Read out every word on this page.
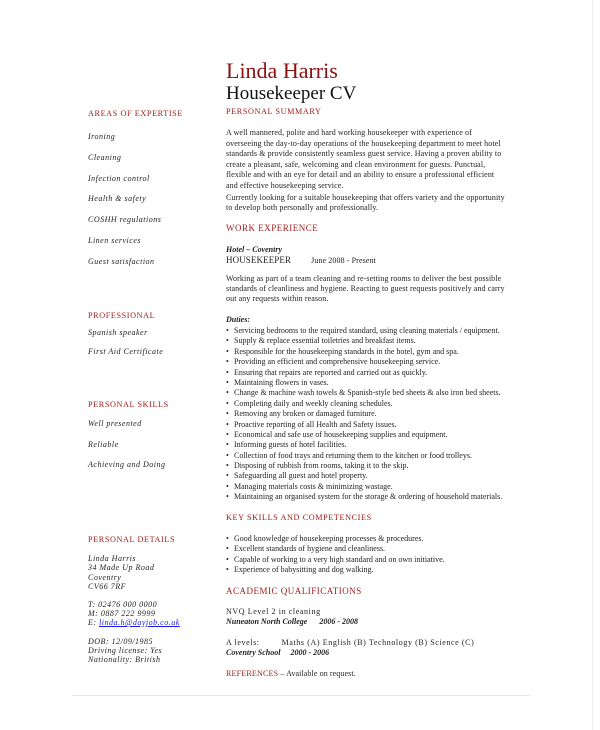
Linda Harris
Housekeeper CV
AREAS OF EXPERTISE
Ironing
Cleaning
Infection control
Health & safety
COSHH regulations
Linen services
Guest satisfaction
PROFESSIONAL
Spanish speaker
First Aid Certificate
PERSONAL SKILLS
Well presented
Reliable
Achieving and Doing
PERSONAL DETAILS
Linda Harris
34 Made Up Road
Coventry
CV66 7RF
T: 02476 000 0000
M: 0887 222 9999
E: linda.h@dayjob.co.uk
DOB: 12/09/1985
Driving license: Yes
Nationality: British
PERSONAL SUMMARY
A well mannered, polite and hard working housekeeper with experience of
overseeing the day-to-day operations of the housekeeping department to meet hotel
standards & provide consistently seamless guest service. Having a proven ability to
create a pleasant, safe, welcoming and clean environment for guests. Punctual,
flexible and with an eye for detail and an ability to ensure a professional efficient
and effective housekeeping service.
Currently looking for a suitable housekeeping that offers variety and the opportunity
to develop both personally and professionally.
WORK EXPERIENCE
Hotel – Coventry
HOUSEKEEPER	June 2008 - Present
Working as part of a team cleaning and re-setting rooms to deliver the best possible
standards of cleanliness and hygiene. Reacting to guest requests positively and carry
out any requests within reason.
Duties:
• Servicing bedrooms to the required standard, using cleaning materials / equipment.
• Supply & replace essential toiletries and breakfast items.
• Responsible for the housekeeping standards in the hotel, gym and spa.
• Providing an efficient and comprehensive housekeeping service.
• Ensuring that repairs are reported and carried out as quickly.
• Maintaining flowers in vases.
• Change & machine wash towels & Spanish-style bed sheets & also iron bed sheets.
• Completing daily and weekly cleaning schedules.
• Removing any broken or damaged furniture.
• Proactive reporting of all Health and Safety issues.
• Economical and safe use of housekeeping supplies and equipment.
• Informing guests of hotel facilities.
• Collection of food trays and returning them to the kitchen or food trolleys.
• Disposing of rubbish from rooms, taking it to the skip.
• Safeguarding all guest and hotel property.
• Managing materials costs & minimizing wastage.
• Maintaining an organised system for the storage & ordering of household materials.
KEY SKILLS AND COMPETENCIES
• Good knowledge of housekeeping processes & procedures.
• Excellent standards of hygiene and cleanliness.
• Capable of working to a very high standard and on own initiative.
• Experience of babysitting and dog walking.
ACADEMIC QUALIFICATIONS
NVQ Level 2 in cleaning
Nuneaton North College 2006 - 2008
A levels:	Maths (A) English (B) Technology (B) Science (C)
Coventry School 2000 - 2006
REFERENCES – Available on request.
